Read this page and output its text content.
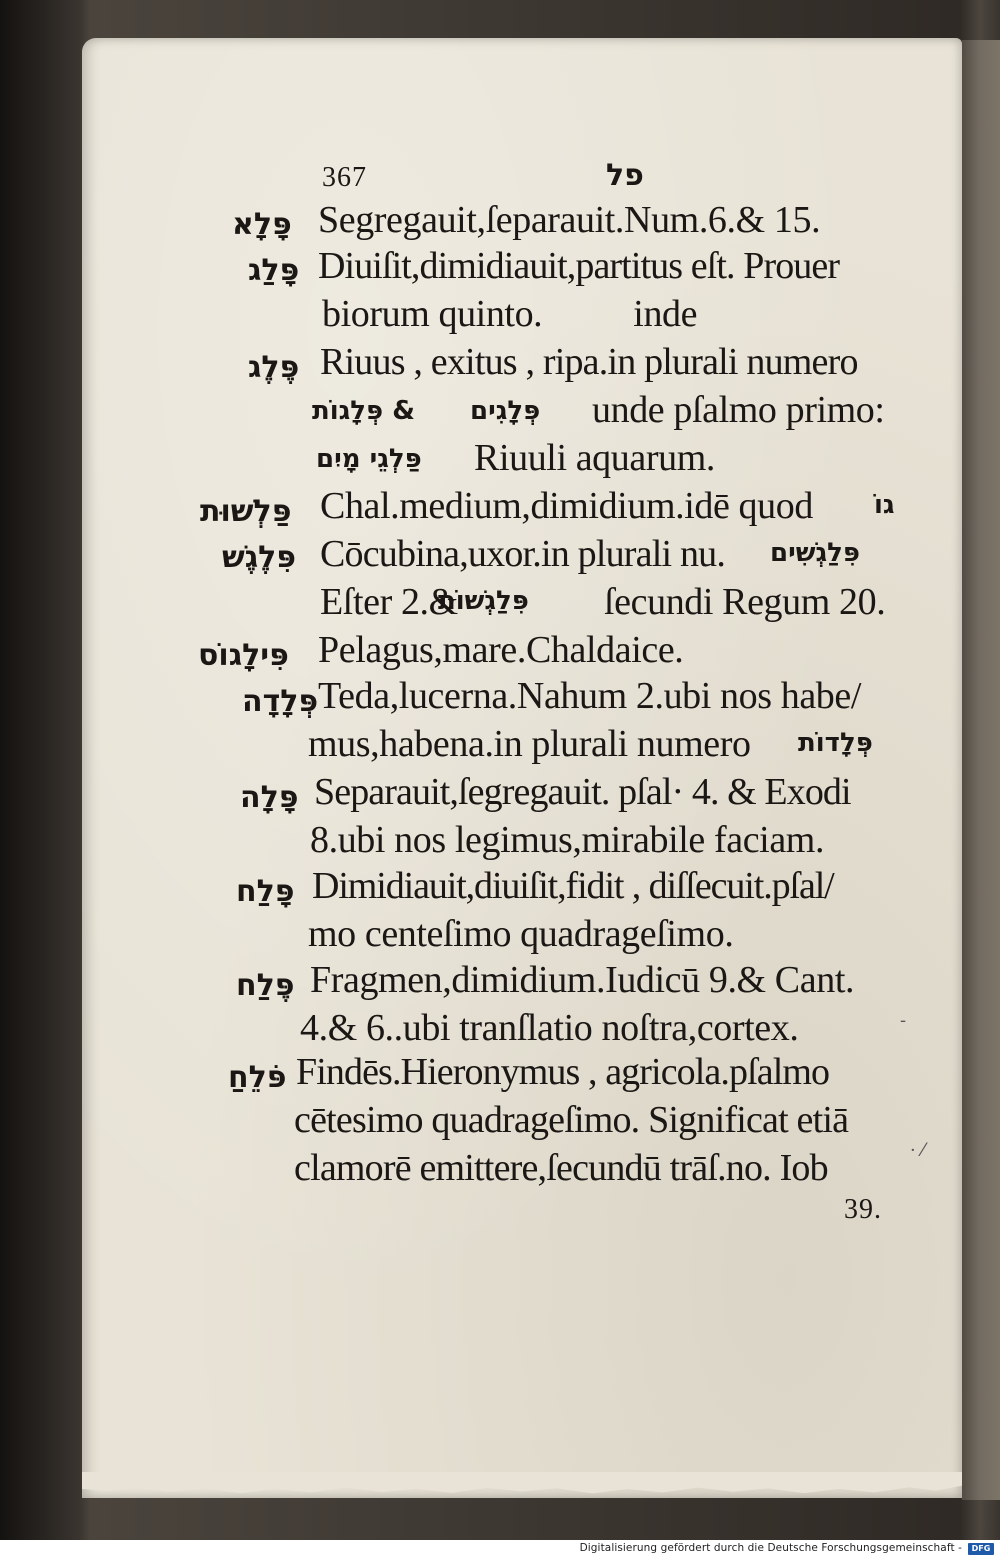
367	פל
פָּלָא Segregauit,ſeparauit.Num.6.& 15.
פָּלַג Diuiſit,dimidiauit,partitus eſt. Prouer
biorum quinto.          inde
פֶּלֶג Riuus , exitus , ripa.in plurali numero
פְּלָגוֹת & פְּלָגִים unde pſalmo primo:
פַּלְגֵי מָיִם Riuuli aquarum.
פַּלְשׁוּת Chal.medium,dimidium.idē quod גוֹ
פִּלֶגֶשׁ Cōcubina,uxor.in plurali nu. פִּלַגְשִׁים
Eſter 2.&
פִּלַגְשׁוֹת ſecundi Regum 20.
פִּילָגוֹס Pelagus,mare.Chaldaice.
פְּלָדָה Teda,lucerna.Nahum 2.ubi nos habe/
mus,habena.in plurali numero פְּלָדוֹת
פָּלָה Separauit,ſegregauit. pſal· 4. & Exodi
8.ubi nos legimus,mirabile faciam.
פָּלַח Dimidiauit,diuiſit,fidit , diſſecuit.pſal/
mo centeſimo quadrageſimo.
פֶּלַח Fragmen,dimidium.Iudicū 9.& Cant.
4.& 6..ubi tranſlatio noſtra,cortex.
פֹּלֵחַ Findēs.Hieronymus , agricola.pſalmo
cētesimo quadrageſimo. Significat etiā
clamorē emittere,ſecundū trāſ.no. Iob
39.
· ⁄
-
Digitalisierung gefördert durch die Deutsche Forschungsgemeinschaft -	DFG
